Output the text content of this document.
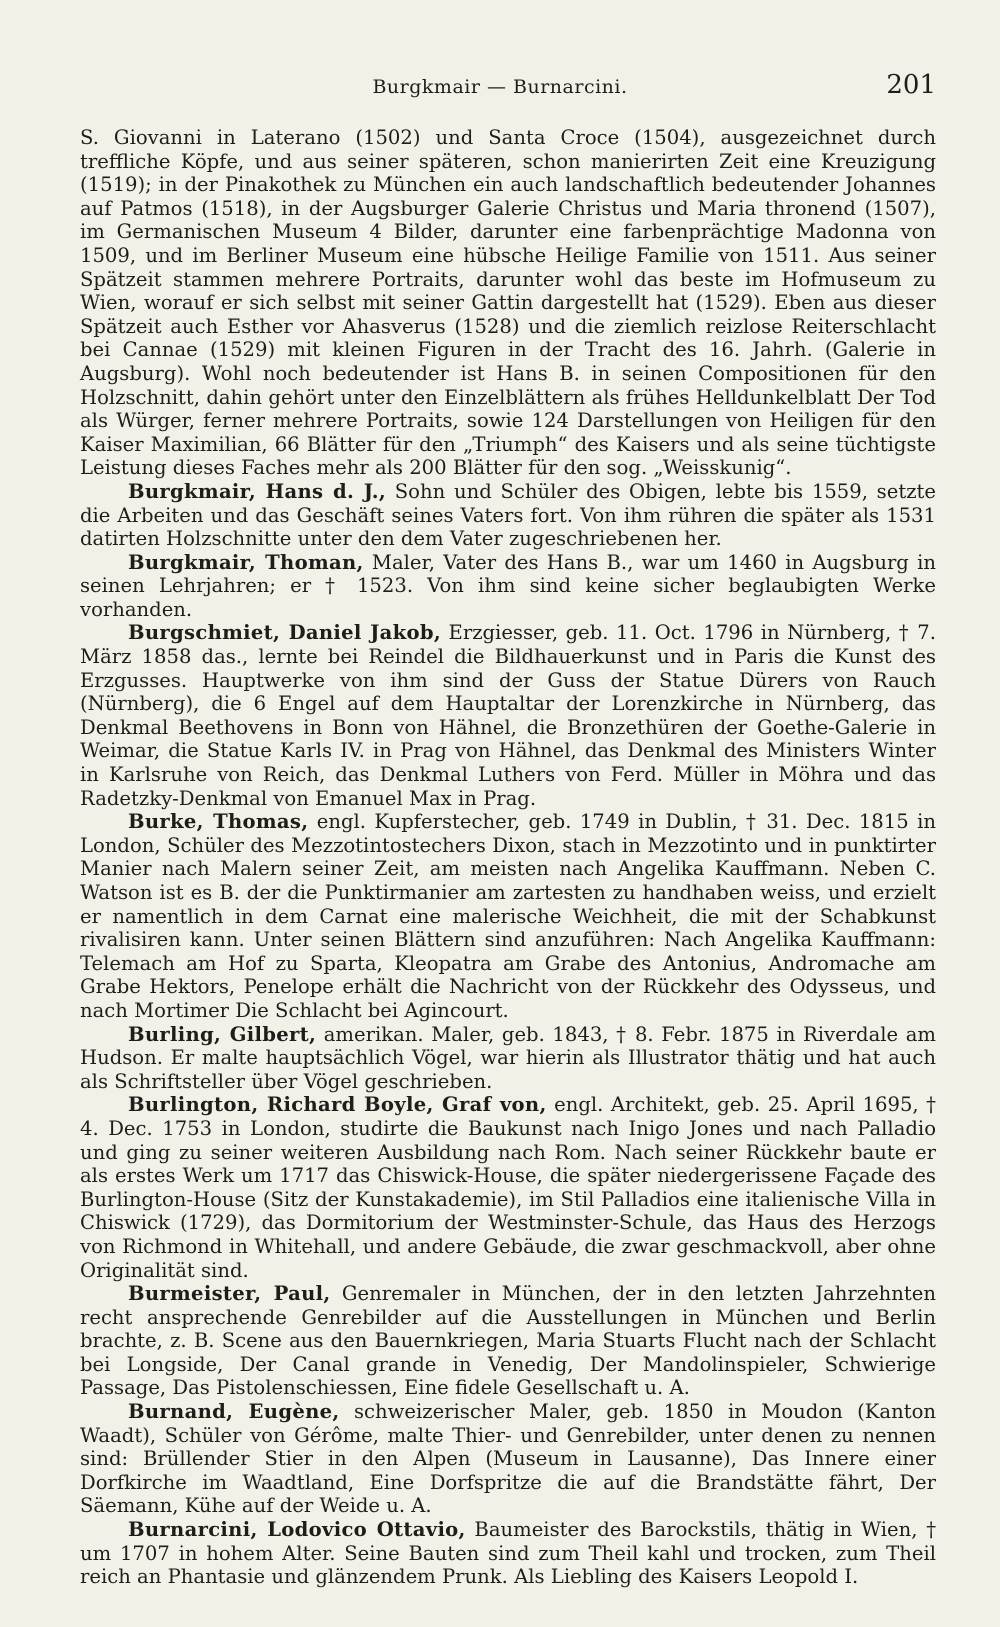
Burgkmair — Burnarcini.	201

S. Giovanni in Laterano (1502) und Santa Croce (1504), ausgezeichnet durch treffliche Köpfe, und aus seiner späteren, schon manierirten Zeit eine Kreuzigung (1519); in der Pinakothek zu München ein auch landschaftlich bedeutender Johannes auf Patmos (1518), in der Augsburger Galerie Christus und Maria thronend (1507), im Germanischen Museum 4 Bilder, darunter eine farbenprächtige Madonna von 1509, und im Berliner Museum eine hübsche Heilige Familie von 1511. Aus seiner Spätzeit stammen mehrere Portraits, darunter wohl das beste im Hofmuseum zu Wien, worauf er sich selbst mit seiner Gattin dargestellt hat (1529). Eben aus dieser Spätzeit auch Esther vor Ahasverus (1528) und die ziemlich reizlose Reiterschlacht bei Cannae (1529) mit kleinen Figuren in der Tracht des 16. Jahrh. (Galerie in Augsburg). Wohl noch bedeutender ist Hans B. in seinen Compositionen für den Holzschnitt, dahin gehört unter den Einzelblättern als frühes Helldunkelblatt Der Tod als Würger, ferner mehrere Portraits, sowie 124 Darstellungen von Heiligen für den Kaiser Maximilian, 66 Blätter für den „Triumph“ des Kaisers und als seine tüchtigste Leistung dieses Faches mehr als 200 Blätter für den sog. „Weisskunig“.

Burgkmair, Hans d. J., Sohn und Schüler des Obigen, lebte bis 1559, setzte die Arbeiten und das Geschäft seines Vaters fort. Von ihm rühren die später als 1531 datirten Holzschnitte unter den dem Vater zugeschriebenen her.

Burgkmair, Thoman, Maler, Vater des Hans B., war um 1460 in Augsburg in seinen Lehrjahren; er † 1523. Von ihm sind keine sicher beglaubigten Werke vorhanden.

Burgschmiet, Daniel Jakob, Erzgiesser, geb. 11. Oct. 1796 in Nürnberg, † 7. März 1858 das., lernte bei Reindel die Bildhauerkunst und in Paris die Kunst des Erzgusses. Hauptwerke von ihm sind der Guss der Statue Dürers von Rauch (Nürnberg), die 6 Engel auf dem Hauptaltar der Lorenzkirche in Nürnberg, das Denkmal Beethovens in Bonn von Hähnel, die Bronzethüren der Goethe-Galerie in Weimar, die Statue Karls IV. in Prag von Hähnel, das Denkmal des Ministers Winter in Karlsruhe von Reich, das Denkmal Luthers von Ferd. Müller in Möhra und das Radetzky-Denkmal von Emanuel Max in Prag.

Burke, Thomas, engl. Kupferstecher, geb. 1749 in Dublin, † 31. Dec. 1815 in London, Schüler des Mezzotintostechers Dixon, stach in Mezzotinto und in punktirter Manier nach Malern seiner Zeit, am meisten nach Angelika Kauffmann. Neben C. Watson ist es B. der die Punktirmanier am zartesten zu handhaben weiss, und erzielt er namentlich in dem Carnat eine malerische Weichheit, die mit der Schabkunst rivalisiren kann. Unter seinen Blättern sind anzuführen: Nach Angelika Kauffmann: Telemach am Hof zu Sparta, Kleopatra am Grabe des Antonius, Andromache am Grabe Hektors, Penelope erhält die Nachricht von der Rückkehr des Odysseus, und nach Mortimer Die Schlacht bei Agincourt.

Burling, Gilbert, amerikan. Maler, geb. 1843, † 8. Febr. 1875 in Riverdale am Hudson. Er malte hauptsächlich Vögel, war hierin als Illustrator thätig und hat auch als Schriftsteller über Vögel geschrieben.

Burlington, Richard Boyle, Graf von, engl. Architekt, geb. 25. April 1695, † 4. Dec. 1753 in London, studirte die Baukunst nach Inigo Jones und nach Palladio und ging zu seiner weiteren Ausbildung nach Rom. Nach seiner Rückkehr baute er als erstes Werk um 1717 das Chiswick-House, die später niedergerissene Façade des Burlington-House (Sitz der Kunstakademie), im Stil Palladios eine italienische Villa in Chiswick (1729), das Dormitorium der Westminster-Schule, das Haus des Herzogs von Richmond in Whitehall, und andere Gebäude, die zwar geschmackvoll, aber ohne Originalität sind.

Burmeister, Paul, Genremaler in München, der in den letzten Jahrzehnten recht ansprechende Genrebilder auf die Ausstellungen in München und Berlin brachte, z. B. Scene aus den Bauernkriegen, Maria Stuarts Flucht nach der Schlacht bei Longside, Der Canal grande in Venedig, Der Mandolinspieler, Schwierige Passage, Das Pistolenschiessen, Eine fidele Gesellschaft u. A.

Burnand, Eugène, schweizerischer Maler, geb. 1850 in Moudon (Kanton Waadt), Schüler von Gérôme, malte Thier- und Genrebilder, unter denen zu nennen sind: Brüllender Stier in den Alpen (Museum in Lausanne), Das Innere einer Dorfkirche im Waadtland, Eine Dorfspritze die auf die Brandstätte fährt, Der Säemann, Kühe auf der Weide u. A.

Burnarcini, Lodovico Ottavio, Baumeister des Barockstils, thätig in Wien, † um 1707 in hohem Alter. Seine Bauten sind zum Theil kahl und trocken, zum Theil reich an Phantasie und glänzendem Prunk. Als Liebling des Kaisers Leopold I.
